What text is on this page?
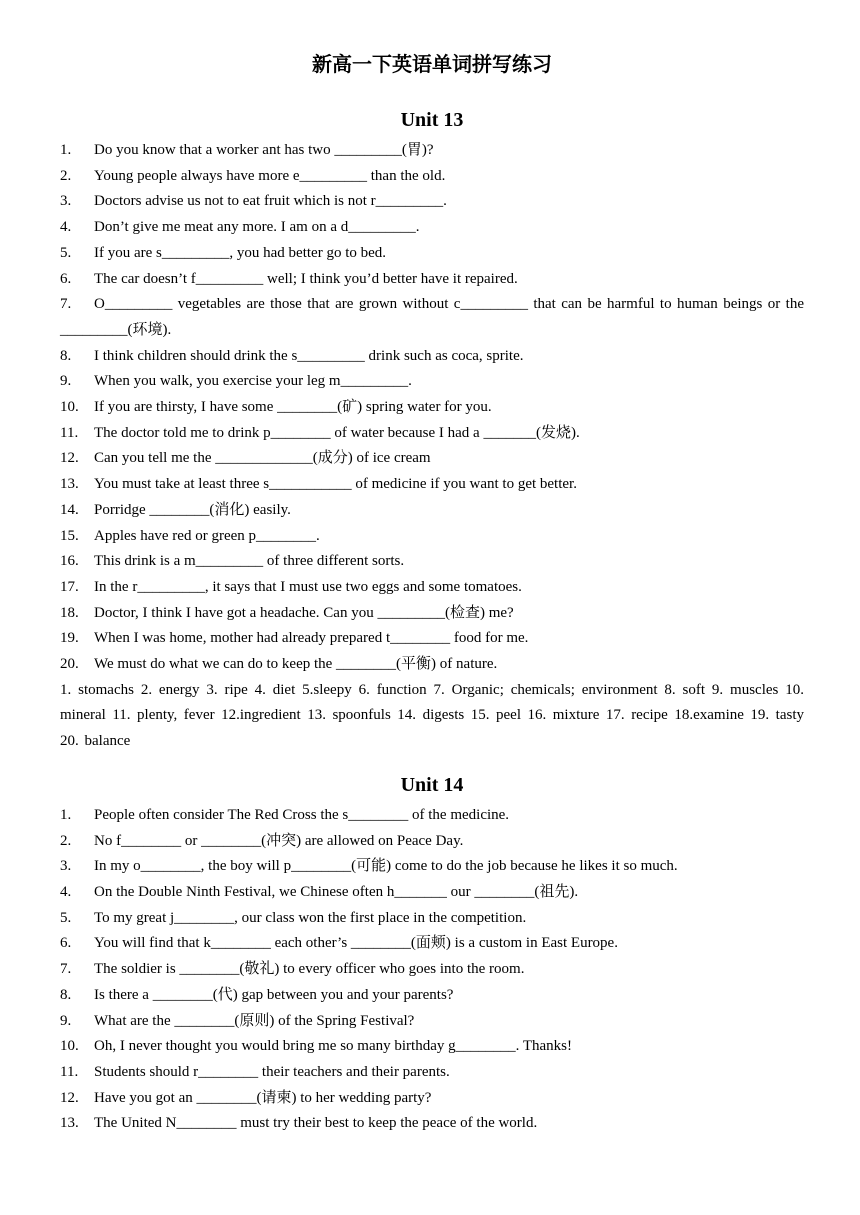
新高一下英语单词拼写练习
Unit 13
1.	Do you know that a worker ant has two _________(胃)?
2.	Young people always have more e_________ than the old.
3.	Doctors advise us not to eat fruit which is not r_________.
4.	Don’t give me meat any more. I am on a d_________.
5.	If you are s_________, you had better go to bed.
6.	The car doesn’t f_________ well; I think you’d better have it repaired.
7. O_________ vegetables are those that are grown without c_________ that can be harmful to human beings or the _________(环境).
8.	I think children should drink the s_________ drink such as coca, sprite.
9.	When you walk, you exercise your leg m_________.
10.	If you are thirsty, I have some ________(矿) spring water for you.
11.	The doctor told me to drink p________ of water because I had a _______(发烧).
12.	Can you tell me the _____________(成分) of ice cream
13.	You must take at least three s___________ of medicine if you want to get better.
14.	Porridge ________(消化) easily.
15.	Apples have red or green p________.
16.	This drink is a m_________ of three different sorts.
17.	In the r_________, it says that I must use two eggs and some tomatoes.
18.	Doctor, I think I have got a headache. Can you _________(检查) me?
19.	When I was home, mother had already prepared t________ food for me.
20.	We must do what we can do to keep the ________(平衡) of nature.

1. stomachs 2. energy 3. ripe 4. diet 5.sleepy 6. function 7. Organic; chemicals; environment 8. soft 9. muscles 10. mineral 11. plenty, fever 12.ingredient 13. spoonfuls 14. digests 15. peel 16. mixture 17. recipe 18.examine 19. tasty 20. balance

Unit 14
1.	People often consider The Red Cross the s________ of the medicine.
2.	No f________ or ________(冲突) are allowed on Peace Day.
3.	In my o________, the boy will p________(可能) come to do the job because he likes it so much.
4.	On the Double Ninth Festival, we Chinese often h_______ our ________(祖先).
5.	To my great j________, our class won the first place in the competition.
6.	You will find that k________ each other’s ________(面颊) is a custom in East Europe.
7.	The soldier is ________(敬礼) to every officer who goes into the room.
8.	Is there a ________(代) gap between you and your parents?
9.	What are the ________(原则) of the Spring Festival?
10.	Oh, I never thought you would bring me so many birthday g________. Thanks!
11.	Students should r________ their teachers and their parents.
12.	Have you got an ________(请柬) to her wedding party?
13.	The United N________ must try their best to keep the peace of the world.
